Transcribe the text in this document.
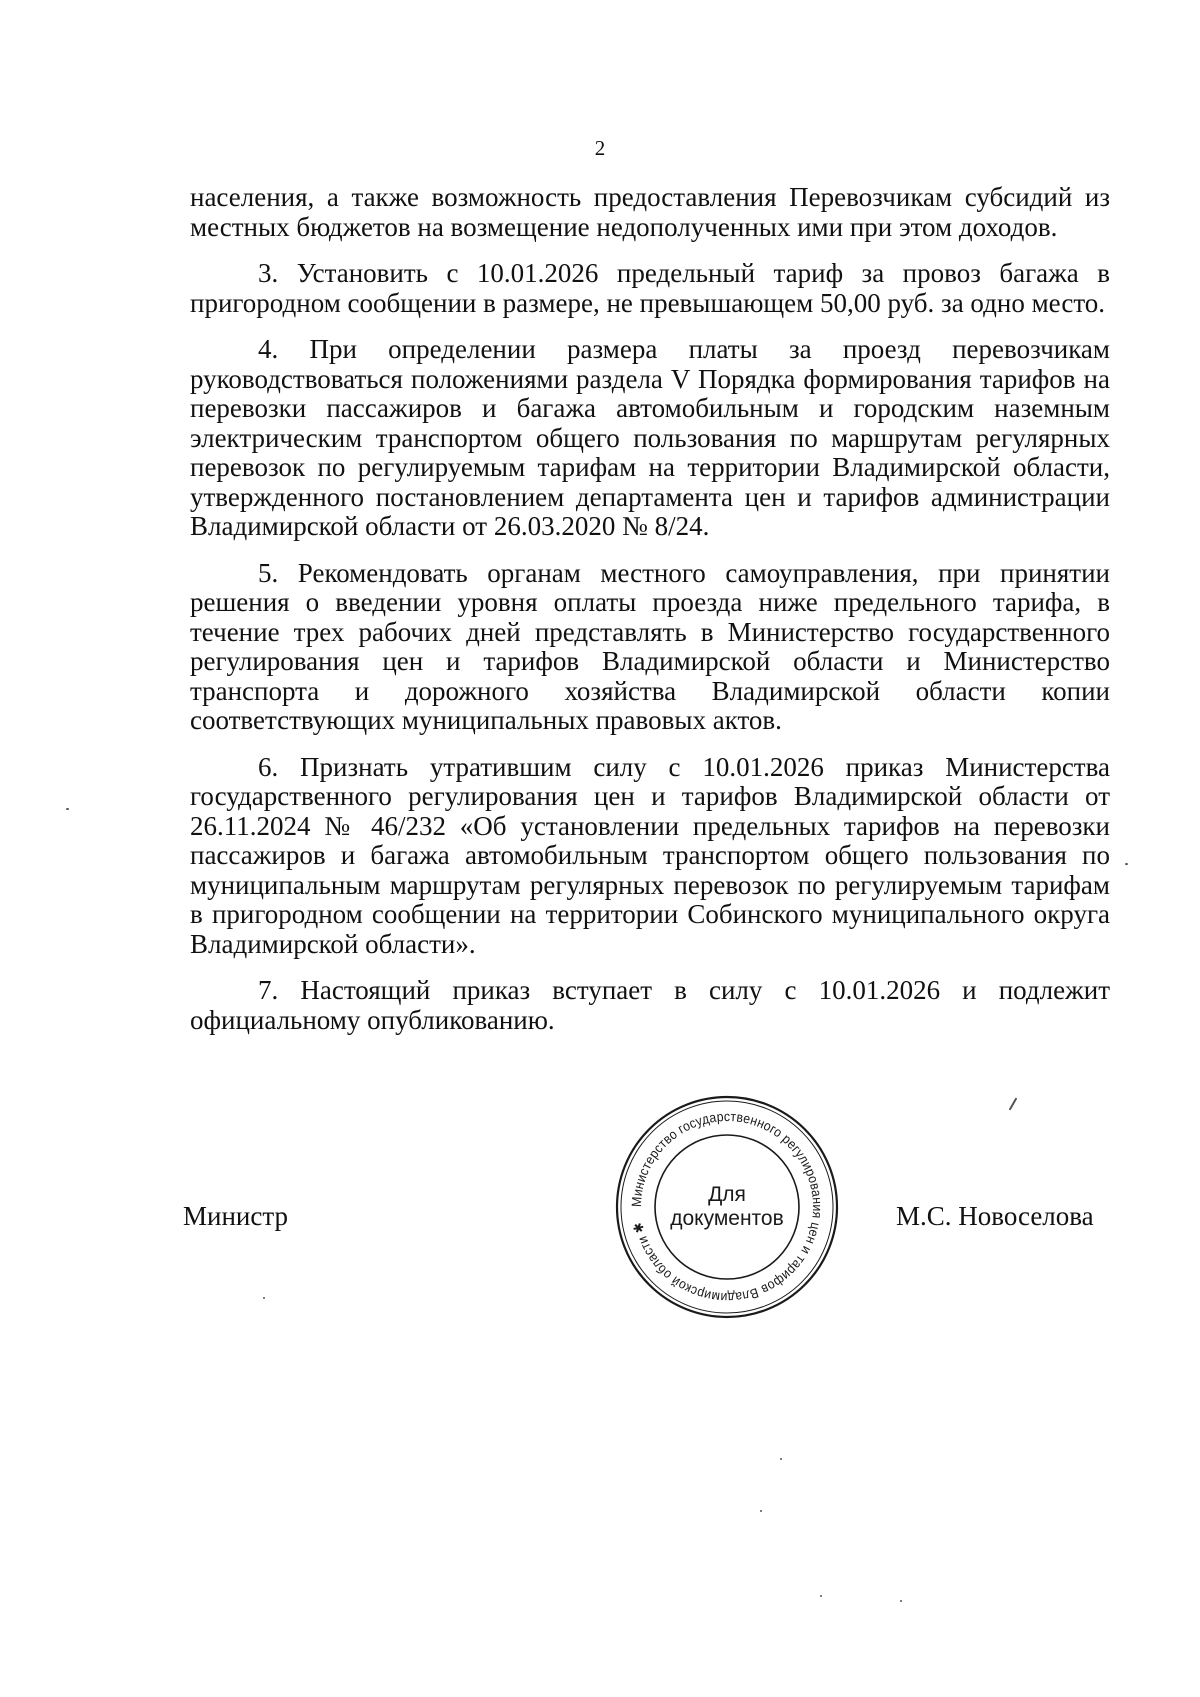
2

населения, а также возможность предоставления Перевозчикам субсидий из местных бюджетов на возмещение недополученных ими при этом доходов.

3. Установить с 10.01.2026 предельный тариф за провоз багажа в пригородном сообщении в размере, не превышающем 50,00 руб. за одно место.

4. При определении размера платы за проезд перевозчикам руководствоваться положениями раздела V Порядка формирования тарифов на перевозки пассажиров и багажа автомобильным и городским наземным электрическим транспортом общего пользования по маршрутам регулярных перевозок по регулируемым тарифам на территории Владимирской области, утвержденного постановлением департамента цен и тарифов администрации Владимирской области от 26.03.2020 № 8/24.

5. Рекомендовать органам местного самоуправления, при принятии решения о введении уровня оплаты проезда ниже предельного тарифа, в течение трех рабочих дней представлять в Министерство государственного регулирования цен и тарифов Владимирской области и Министерство транспорта и дорожного хозяйства Владимирской области копии соответствующих муниципальных правовых актов.

6. Признать утратившим силу с 10.01.2026 приказ Министерства государственного регулирования цен и тарифов Владимирской области от 26.11.2024 № 46/232 «Об установлении предельных тарифов на перевозки пассажиров и багажа автомобильным транспортом общего пользования по муниципальным маршрутам регулярных перевозок по регулируемым тарифам в пригородном сообщении на территории Собинского муниципального округа Владимирской области».

7. Настоящий приказ вступает в силу с 10.01.2026 и подлежит официальному опубликованию.

Министр	Министерство государственного регулирования цен и тарифов Владимирской области ✱
Для
документов	М.С. Новоселова
